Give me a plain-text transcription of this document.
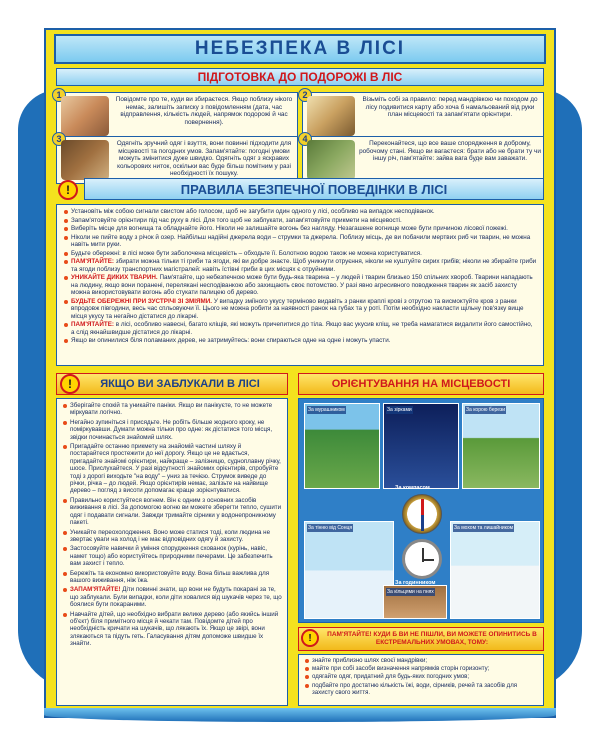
НЕБЕЗПЕКА В ЛІСІ
ПІДГОТОВКА ДО ПОДОРОЖІ В ЛІС
1	Повідомте про те, куди ви збираєтеся. Якщо поблизу нікого немає, залишіть записку з повідомленням (дата, час відправлення, кількість людей, напрямок подорожі й час повернення).

2	Візьміть собі за правило: перед мандрівкою чи походом до лісу подивитися карту або хоча б намальований від руки план місцевості та запам'ятати орієнтири.

3	Одягніть зручний одяг і взуття, вони повинні підходити для місцевості та погодних умов. Запам'ятайте: погодні умови можуть змінитися дуже швидко. Одягніть одяг з яскравих кольорових ниток, оскільки вас буде більш помітним у разі необхідності їх пошуку.

4	Переконайтеся, що все ваше спорядження в доброму, робочому стані. Якщо ви вагаєтеся: брати або не брати ту чи іншу річ, пам'ятайте: зайва вага буде вам заважати.

!	ПРАВИЛА БЕЗПЕЧНОЇ ПОВЕДІНКИ В ЛІСІ
Установіть між собою сигнали свистом або голосом, щоб не загубити один одного у лісі, особливо на випадок несподіванок.
Запам'ятовуйте орієнтири під час руху в лісі. Для того щоб не заблукати, запам'ятовуйте прикмети на місцевості.
Виберіть місце для вогнища та обладнайте його. Ніколи не залишайте вогонь без нагляду. Незагашене вогнище може бути причиною лісової пожежі.
Ніколи не пийте воду з річок й озер. Найбільш надійні джерела води – струмки та джерела. Поблизу місць, де ви побачили мертвих риб чи тварин, не можна навіть мити руки.
Будьте обережні: в лісі може бути заболочена місцевість – обходьте її. Болотною водою також не можна користуватися.
ПАМ'ЯТАЙТЕ: збирати можна тільки ті гриби та ягоди, які ви добре знаєте. Щоб уникнути отруєння, ніколи не куштуйте сирих грибів; ніколи не збирайте гриби та ягоди поблизу транспортних магістралей: навіть їстівні гриби в цих місцях є отруйними.
УНИКАЙТЕ ДИКИХ ТВАРИН. Пам'ятайте, що небезпечною може бути будь-яка тварина – у людей і тварин близько 150 спільних хвороб. Тварини нападають на людину, якщо вони поранені, перелякані несподіванкою або захищають своє потомство. У разі явно агресивного поводження тварин як засіб захисту можна використовувати вогонь або стукати палицею об дерево.
БУДЬТЕ ОБЕРЕЖНІ ПРИ ЗУСТРІЧІ ЗІ ЗМІЯМИ. У випадку зміїного укусу терміново видавіть з ранки краплі крові з отрутою та висмоктуйте кров з ранки впродовж півгодини, весь час спльовуючи її. Цього не можна робити за наявності ранок на губах та у роті. Потім необхідно накласти щільну пов'язку вище місця укусу та негайно дістатися до лікарні.
ПАМ'ЯТАЙТЕ: в лісі, особливо навесні, багато кліщів, які можуть причепитися до тіла. Якщо вас укусив кліщ, не треба намагатися видалити його самостійно, а слід якнайшвидше дістатися до лікарні.
Якщо ви опинилися біля поламаних дерев, не затримуйтесь: вони спираються одне на одне і можуть упасти.
ЯКЩО ВИ ЗАБЛУКАЛИ В ЛІСІ
!	ОРІЄНТУВАННЯ НА МІСЦЕВОСТІ
Зберігайте спокій та уникайте паніки. Якщо ви панікуєте, то не можете міркувати логічно.
Негайно зупиніться і присядьте. Не робіть більше жодного кроку, не поміркувавши. Думати можна тільки про одне: як дістатися того місця, звідки починається знайомий шлях.
Пригадайте останню прикмету на знайомій частині шляху й постарайтеся простежити до неї дорогу. Якщо це не вдається, пригадайте знайомі орієнтири, найкраще – залізницю, судноплавну річку, шосе. Прислухайтеся. У разі відсутності знайомих орієнтирів, спробуйте тоді з дорогі виходьте "на воду" – униз за течією. Струмок виведе до річки, річка – до людей. Якщо орієнтирів немає, залізьте на найвище дерево – погляд з висоти допомагає краще зорієнтуватися.
Правильно користуйтеся вогнем. Він є одним з основних засобів виживання в лісі. За допомогою вогню ви можете зберегти тепло, сушити одяг і подавати сигнали. Завжди тримайте сірники у водонепроникному пакеті.
Уникайте переохолодження. Воно може статися тоді, коли людина не звертає уваги на холод і не має відповідних одягу й захисту.
Застосовуйте навички й уміння спорудження схованок (курінь, навіс, намет тощо) або користуйтесь природними печерами. Це забезпечить вам захист і тепло.
Бережіть та економно використовуйте воду. Вона більш важлива для вашого виживання, ніж їжа.
ЗАПАМ'ЯТАЙТЕ! Діти повинні знати, що вони не будуть покарані за те, що заблукали. Були випадки, коли діти ховалися від шукачів через те, що боялися бути покараними.
Навчайте дітей, що необхідно вибрати велике дерево (або якийсь інший об'єкт) біля примітного місця й чекати там. Повідомте дітей про необхідність кричати на шукачів, що лякають їх. Якщо це звірі, вони злякаються та підуть геть. Галасування дітям допоможе швидше їх знайти.
За мурашником	За зірками	За корою берези
За тінню від Сонця	За мохом та лишайником
За кільцями на пнях
За компасом
За годинником
!	ПАМ'ЯТАЙТЕ! КУДИ Б ВИ НЕ ПІШЛИ, ВИ МОЖЕТЕ ОПИНИТИСЬ В ЕКСТРЕМАЛЬНИХ УМОВАХ, ТОМУ:
знайте приблизно шлях своєї мандрівки;
майте при собі засоби визначення напрямків сторін горизонту;
одягайте одяг, придатний для будь-яких погодних умов;
подбайте про достатню кількість їжі, води, сірників, речей та засобів для захисту свого життя.
